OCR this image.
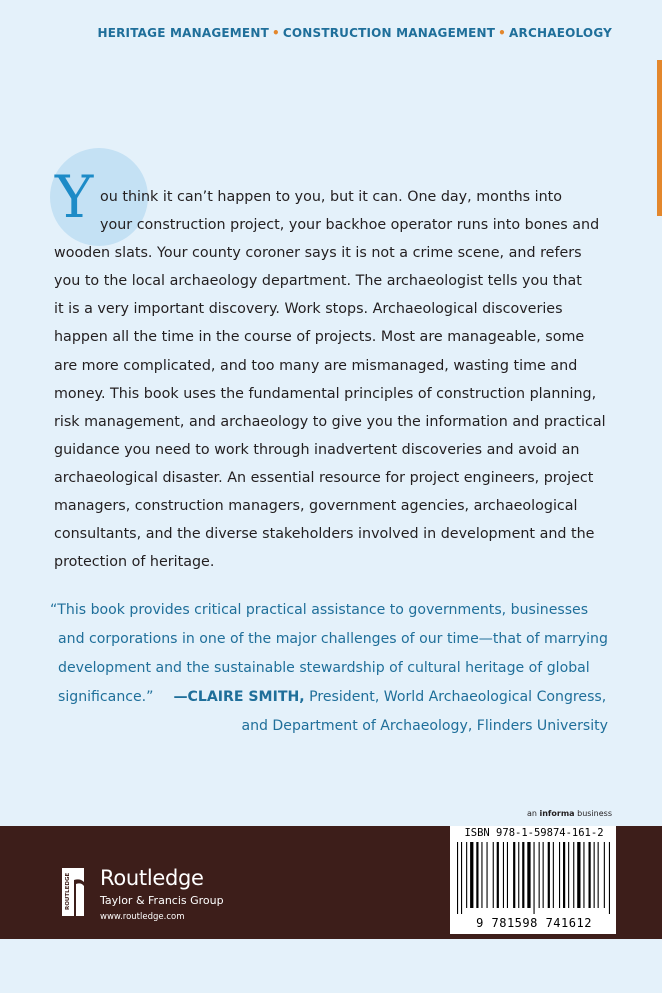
HERITAGE MANAGEMENT • CONSTRUCTION MANAGEMENT • ARCHAEOLOGY
Y ou think it can’t happen to you, but it can. One day, months into
your construction project, your backhoe operator runs into bones and
wooden slats. Your county coroner says it is not a crime scene, and refers
you to the local archaeology department. The archaeologist tells you that
it is a very important discovery. Work stops. Archaeological discoveries
happen all the time in the course of projects. Most are manageable, some
are more complicated, and too many are mismanaged, wasting time and
money. This book uses the fundamental principles of construction planning,
risk management, and archaeology to give you the information and practical
guidance you need to work through inadvertent discoveries and avoid an
archaeological disaster. An essential resource for project engineers, project
managers, construction managers, government agencies, archaeological
consultants, and the diverse stakeholders involved in development and the
protection of heritage.
“This book provides critical practical assistance to governments, businesses
and corporations in one of the major challenges of our time—that of marrying
development and the sustainable stewardship of cultural heritage of global
significance.” —CLAIRE SMITH, President, World Archaeological Congress,
and Department of Archaeology, Flinders University
an informa business
ROUTLEDGE Routledge
Taylor & Francis Group
www.routledge.com
ISBN 978-1-59874-161-2
9 781598 741612
